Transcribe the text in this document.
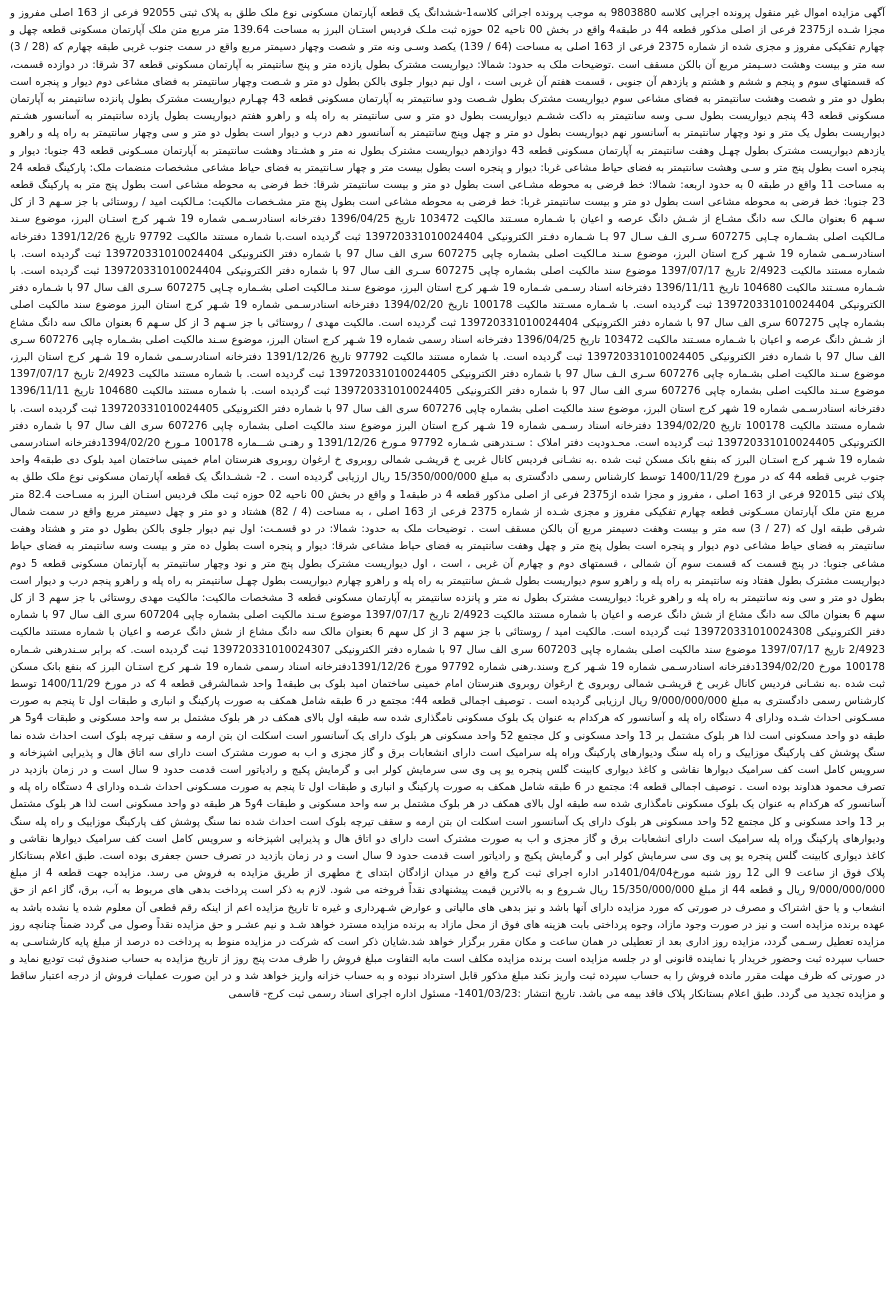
آگهی مزایده اموال غیر منقول پرونده اجرایی کلاسه 9803880 به موجب پرونده اجرائی کلاسه1-ششدانگ یک قطعه آپارتمان مسکونی نوع ملک طلق به پلاک ثبتی 92055 فرعی از 163 اصلی مفروز و مجزا شـده از2375 فرعی از اصلی مذکور قطعه 44 در طبقه4 واقع در بخش 00 ناحیه 02 حوزه ثبت ملـک فردیس استـان البرز به مساحت 139.64 متر مربع متن ملک آپارتمان مسکونی قطعه چهل و چهارم تفکیکی مفروز و مجزی شده از شماره 2375 فرعی از 163 اصلی به مساحت (64 / 139) یکصد وسـی ونه متر و شصت وچهار دسیمتر مربع واقع در سمت جنوب غربی طبقه چهارم که (28 / 3) سه متر و بیست وهشت دسـیمتر مربع آن بالکن مسقف است .توضیحات ملک به حدود: شمالا: دیواریست مشترک بطول یازده متر و پنج سانتیمتر به آپارتمان مسکونی قطعه 37 شرقا: در دوازده قسمت، که قسمتهای سوم و پنجم و ششم و هشتم و یازدهم آن جنوبی ، قسمت هفتم آن غربی است ، اول نیم دیوار جلوی بالکن بطول دو متر و شـصت وچهار سانتیمتر به فضای مشاعی دوم دیوار و پنجره است بطول دو متر و شصت وهشت سانتیمتر به فضای مشاعی سوم دیواریست مشترک بطول شـصت ودو سانتیمتر به آپارتمان مسکونی قطعه 43 چهـارم دیواریست مشترک بطول پانزده سانتیمتر به آپارتمان مسکونی قطعه 43 پنجم دیواریست بطول سـی وسه سانتیمتر به داکت ششـم دیواریست بطول دو متر و سی سانتیمتر به راه پله و راهرو هفتم دیواریست بطول یازده سانتیمتر به آسانسور هشـتم دیواریست بطول یک متر و نود وچهار سانتیمتر به آسانسور نهم دیواریست بطول دو متر و چهل وپنج سانتیمتر به آسانسور دهم درب و دیوار است بطول دو متر و سی وچهار سانتیمتر به راه پله و راهرو یازدهم دیواریست مشترک بطول چهـل وهفت سانتیمتر به آپارتمان مسکونی قطعه 43 دوازدهم دیواریست مشترک بطول نه متر و هشـتاد وهشت سانتیمتر به آپارتمان مسـکونی قطعه 43 جنوبا: دیوار و پنجره است بطول پنج متر و سـی وهشت سانتیمتر به فضای حیاط مشاعی غربا: دیوار و پنجره است بطول بیست متر و چهار سـانتیمتر به فضای حیاط مشاعی مشخصات منضمات ملک: پارکینگ قطعه 24 به مساحت 11 واقع در طبقه 0 به حدود اربعه: شمالا: خط فرضی به محوطه مشـاعی است بطول دو متر و بیست سانتیمتر شرقا: خط فرضی به محوطه مشاعی است بطول پنج متر به پارکینگ قطعه 23 جنوبا: خط فرضی به محوطه مشاعی است بطول دو متر و بیست سانتیمتر غربا: خط فرضی به محوطه مشاعی است بطول پنج متر مشـخصات مالکیت: مـالکیت امید / روستائی با جز سـهم 3 از کل سـهم 6 بعنوان مالـک سه دانگ مشـاع از شـش دانگ عرصه و اعیان با شـماره مسـتند مالکیت 103472 تاریخ 1396/04/25 دفترخانه اسنادرسـمی شماره 19 شـهر کرج استـان البرز، موضوع سـند مـالکیت اصلی بشـماره چـاپی 607275 سـری الـف سـال 97 بـا شـماره دفـتر الکترونیکی 139720331010024404 ثبت گردیده است.با شماره مستند مالکیت 97792 تاریخ 1391/12/26 دفترخانه اسنادرسـمی شماره 19 شـهر کرج استان البرز، موضوع سـند مـالکیت اصلی بشماره چاپی 607275 سری الف سال 97 با شماره دفتر الکترونیکی 139720331010024404 ثبت گردیده است. با شماره مستند مالکیت 2/4923 تاریخ 1397/07/17 موضوع سند مالکیت اصلی بشماره چاپی 607275 سـری الف سال 97 با شماره دفتر الکترونیکی 139720331010024404 ثبت گردیده است. با شـماره مسـتند مالکیت 104680 تاریخ 1396/11/11 دفترخانه اسناد رسـمی شـماره 19 شـهر کرج استان البرز، موضوع سـند مـالکیت اصلی بشـماره چـاپی 607275 سـری الف سال 97 با شـماره دفتر الکترونیکی 139720331010024404 ثبت گردیده است. با شـماره مسـتند مالکیت 100178 تاریخ 1394/02/20 دفترخانه اسنادرسـمی شماره 19 شـهر کرج استان البرز موضوع سند مالکیت اصلی بشماره چاپی 607275 سری الف سال 97 با شماره دفتر الکترونیکی 139720331010024404 ثبت گردیده است. مالکیت مهدی / روستائی با جز سـهم 3 از کل سـهم 6 بعنوان مالک سه دانگ مشاع از شـش دانگ عرصه و اعیان با شـماره مسـتند مالکیت 103472 تاریخ 1396/04/25 دفترخانه اسناد رسمی شماره 19 شـهر کرج استان البرز، موضوع سـند مالکیت اصلی بشـماره چاپی 607276 سـری الف سال 97 با شماره دفتر الکترونیکی 139720331010024405 ثبت گردیده است. با شماره مستند مالکیت 97792 تاریخ 1391/12/26 دفترخانه اسنادرسـمی شماره 19 شـهر کرج استان البرز، موضوع سـند مالکیت اصلی بشـماره چاپی 607276 سـری الـف سال 97 با شماره دفتر الکترونیکی 139720331010024405 ثبت گردیده است. با شماره مستند مالکیت 2/4923 تاریخ 1397/07/17 موضوع سـند مالکیت اصلی بشماره چاپی 607276 سری الف سال 97 با شماره دفتر الکترونیکی 139720331010024405 ثبت گردیده است. با شماره مستند مالکیت 104680 تاریخ 1396/11/11 دفترخانه اسنادرسـمی شماره 19 شهر کرج استان البرز، موضوع سند مالکیت اصلی بشماره چاپی 607276 سری الف سال 97 با شماره دفتر الکترونیکی 139720331010024405 ثبت گردیده است. با شماره مستند مالکیت 100178 تاریخ 1394/02/20 دفترخانه اسناد رسـمی شماره 19 شـهر کرج استان البرز موضوع سند مالکیت اصلی بشماره چاپی 607276 سری الف سال 97 با شماره دفتر الکترونیکی 139720331010024405 ثبت گردیده است. محـدودیت دفتر املاک : سـندرهنی شـماره 97792 مـورخ 1391/12/26 و رهنـی شـــماره 100178 مـورخ 1394/02/20دفترخانه اسنادرسمی شماره 19 شـهر کرج استـان البرز که بنفع بانک مسکن ثبت شده .به نشـانی فردیس کانال غربی خ قریشـی شمالی روبروی خ ارغوان روبروی هنرستان امام خمینی ساختمان امید بلوک دی طبقه4 واحد جنوب غربی قطعه 44 که در مورخ 1400/11/29 توسط کارشناس رسمی دادگستری به مبلغ 15/350/000/000 ریال ارزیابی گردیده است . 2- ششـدانگ یک قطعه آپارتمان مسکونی نوع ملک طلق به پلاک ثبتی 92015 فرعی از 163 اصلی ، مفروز و مجزا شده از2375 فرعی از اصلی مذکور قطعه 4 در طبقه1 و واقع در بخش 00 ناحیه 02 حوزه ثبت ملک فردیس استـان البرز به مسـاحت 82.4 متر مربع متن ملک آپارتمان مسـکونی قطعه چهارم تفکیکی مفروز و مجزی شـده از شماره 2375 فرعی از 163 اصلی ، به مساحت (4 / 82) هشتاد و دو متر و چهل دسیمتر مربع واقع در سمت شمال شرقی طبقه اول که (27 / 3) سه متر و بیست وهفت دسیمتر مربع آن بالکن مسقف است . توضیحات ملک به حدود: شمالا: در دو قسمـت: اول نیم دیوار جلوی بالکن بطول دو متر و هشتاد وهفت سانتیمتر به فضای حیاط مشاعی دوم دیوار و پنجره است بطول پنج متر و چهل وهفت سانتیمتر به فضای حیاط مشاعی شرقا: دیوار و پنجره است بطول ده متر و بیست وسه سانتیمتر به فضای حیاط مشاعی جنوبا: در پنج قسمت که قسمت سوم آن شمالی ، قسمتهای دوم و چهارم آن غربی ، است ، اول دیواریست مشترک بطول پنج متر و نود وچهار سانتیمتر به آپارتمان مسکونی قطعه 5 دوم دیواریست مشترک بطول هفتاد ونه سانتیمتر به راه پله و راهرو سوم دیواریست بطول شـش سانتیمتر به راه پله و راهرو چهارم دیواریست بطول چهـل سانتیمتر به راه پله و راهرو پنجم درب و دیوار است بطول دو متر و سی ونه سانتیمتر به راه پله و راهرو غربا: دیواریست مشترک بطول نه متر و پانزده سانتیمتر به آپارتمان مسکونی قطعه 3 مشخصات مالکیت: مالکیت مهدی روستائی با جز سهم 3 از کل سهم 6 بعنوان مالک سه دانگ مشاع از شش دانگ عرصه و اعیان با شماره مستند مالکیت 2/4923 تاریخ 1397/07/17 موضوع سـند مالکیت اصلی بشماره چاپی 607204 سری الف سال 97 با شماره دفتر الکترونیکی 139720331010024308 ثبت گردیده است. مالکیت امید / روستائی با جز سهم 3 از کل سهم 6 بعنوان مالک سه دانگ مشاع از شش دانگ عرصه و اعیان با شماره مستند مالکیت 2/4923 تاریخ 1397/07/17 موضوع سند مالکیت اصلی بشماره چاپی 607203 سری الف سال 97 با شماره دفتر الکترونیکی 139720331010024307 ثبت گردیده است. که برابر سـندرهنی شـماره 100178 مورخ 1394/02/20دفترخانه اسنادرسـمی شماره 19 شـهر کرج وسند.رهنی شماره 97792 مورخ 1391/12/26دفترخانه اسناد رسمی شماره 19 شـهر کرج استـان البرز که بنفع بانک مسکن ثبت شده .به نشـانی فردیس کانال غربی خ قریشـی شمالی روبروی خ ارغوان روبروی هنرستان امام خمینی ساختمان امید بلوک بی طبقه1 واحد شمالشرقی قطعه 4 که در مورخ 1400/11/29 توسط کارشناس رسمی دادگستری به مبلغ 9/000/000/000 ریال ارزیابی گردیده است . توصیف اجمالی قطعه 44: مجتمع در 6 طبقه شامل همکف به صورت پارکینگ و انباری و طبقات اول تا پنجم به صورت مسـکونی احداث شـده ودارای 4 دستگاه راه پله و آسانسور که هرکدام به عنوان یک بلوک مسکونی نامگذاری شده سه طبقه اول بالای همکف در هر بلوک مشتمل بر سه واحد مسکونی و طبقات 4و5 هر طبقه دو واحد مسکونی است لذا هر بلوک مشتمل بر 13 واحد مسکونی و کل مجتمع 52 واحد مسکونی هر بلوک دارای یک آسانسور است اسکلت ان بتن ارمه و سقف تیرچه بلوک است احداث شده نما سنگ پوشش کف پارکینگ موزاییک و راه پله سنگ ودیوارهای پارکینگ وراه پله سرامیک است دارای انشعابات برق و گاز مجزی و اب به صورت مشترک است دارای سه اتاق هال و پذیرایی اشپزخانه و سرویس کامل است کف سرامیک دیوارها نقاشی و کاغذ دیواری کابینت گلس پنجره یو پی وی سی سرمایش کولر ابی و گرمایش پکیج و رادیاتور است قدمت حدود 9 سال است و در زمان بازدید در تصرف محمود هداوند بوده است . توصیف اجمالی قطعه 4: مجتمع در 6 طبقه شامل همکف به صورت پارکینگ و انباری و طبقات اول تا پنجم به صورت مسـکونی احداث شـده ودارای 4 دستگاه راه پله و آسانسور که هرکدام به عنوان یک بلوک مسکونی نامگذاری شده سه طبقه اول بالای همکف در هر بلوک مشتمل بر سه واحد مسکونی و طبقات 4و5 هر طبقه دو واحد مسکونی است لذا هر بلوک مشتمل بر 13 واحد مسکونی و کل مجتمع 52 واحد مسکونی هر بلوک دارای یک آسانسور است اسکلت ان بتن ارمه و سقف تیرچه بلوک است احداث شده نما سنگ پوشش کف پارکینگ موزاییک و راه پله سنگ ودیوارهای پارکینگ وراه پله سرامیک است دارای انشعابات برق و گاز مجزی و اب به صورت مشترک است دارای دو اتاق هال و پذیرایی اشپزخانه و سرویس کامل است کف سرامیک دیوارها نقاشی و کاغذ دیواری کابینت گلس پنجره یو پی وی سی سرمایش کولر ابی و گرمایش پکیج و رادیاتور است قدمت حدود 9 سال است و در زمان بازدید در تصرف حسن جعفری بوده است. طبق اعلام بستانکار پلاک فوق از ساعت 9 الی 12 روز شنبه مورخ1401/04/04در اداره اجرای ثبت کرج واقع در میدان ازادگان ابتدای خ مطهری از طریق مزایده به فروش می رسد. مزایده جهت قطعه 4 از مبلغ 9/000/000/000 ریال و قطعه 44 از مبلغ 15/350/000/000 ریال شـروع و به بالاترین قیمت پیشنهادی نقداً فروخته می شود. لازم به ذکر است پرداخت بدهی های مربوط به آب، برق، گاز اعم از حق انشعاب و یا حق اشتراک و مصرف در صورتی که مورد مزایده دارای آنها باشد و نیز بدهی های مالیاتی و عوارض شـهرداری و غیره تا تاریخ مزایده اعم از اینکه رقم قطعی آن معلوم شده یا نشده باشد به عهده برنده مزایده است و نیز در صورت وجود مازاد، وجوه پرداختی بابت هزینه های فوق از محل مازاد به برنده مزایده مسترد خواهد شـد و نیم عشـر و حق مزایده نقداً وصول می گردد ضمناً چنانچه روز مزایده تعطیل رسـمی گردد، مزایده روز اداری بعد از تعطیلی در همان ساعت و مکان مقرر برگزار خواهد شد.شایان ذکر است که شرکت در مزایده منوط به پرداخت ده درصد از مبلغ پایه کارشناسـی به حساب سپرده ثبت وحضور خریدار یا نماینده قانونی او در جلسه مزایده است برنده مزایده مکلف است مابه التفاوت مبلغ فروش را ظرف مدت پنج روز از تاریخ مزایده به حساب صندوق ثبت تودیع نماید و در صورتی که ظرف مهلت مقرر مانده فروش را به حساب سپرده ثبت واریز نکند مبلغ مذکور قابل استرداد نبوده و به حساب خزانه واریز خواهد شد و در این صورت عملیات فروش از درجه اعتبار ساقط و مزایده تجدید می گردد. طبق اعلام بستانکار پلاک فاقد بیمه می باشد. تاریخ انتشار :1401/03/23- مسئول اداره اجرای اسناد رسمی ثبت کرج- قاسمی
